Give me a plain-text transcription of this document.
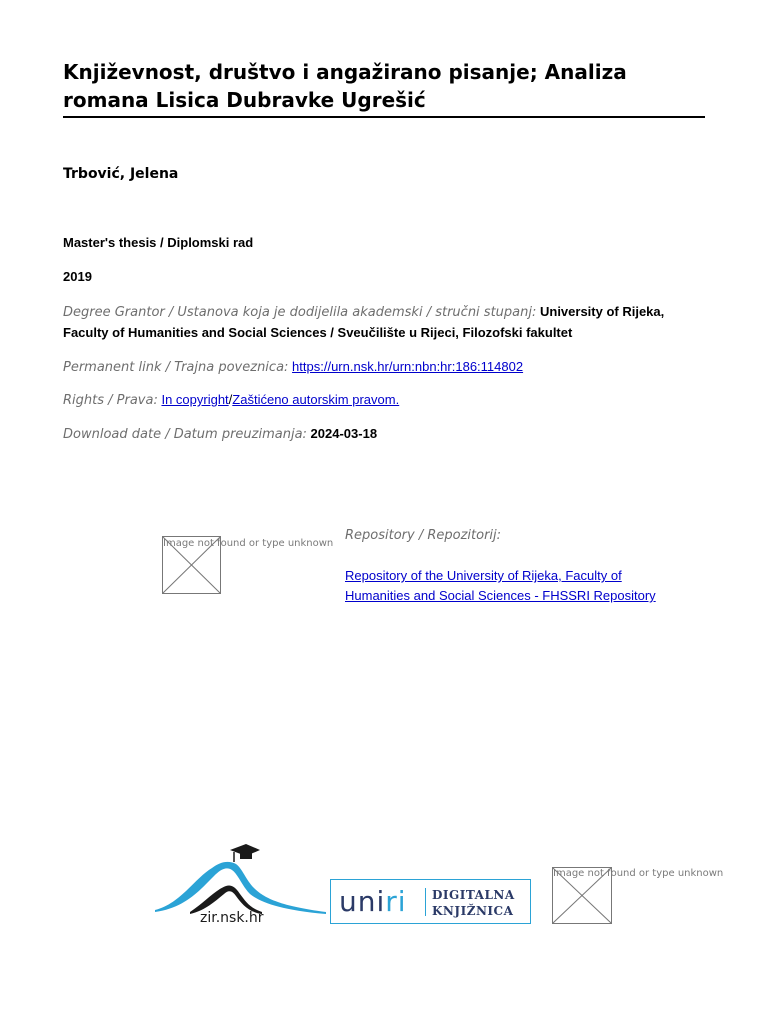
Književnost, društvo i angažirano pisanje; Analiza romana Lisica Dubravke Ugrešić
Trbović, Jelena
Master's thesis / Diplomski rad
2019
Degree Grantor / Ustanova koja je dodijelila akademski / stručni stupanj: University of Rijeka, Faculty of Humanities and Social Sciences / Sveučilište u Rijeci, Filozofski fakultet
Permanent link / Trajna poveznica: https://urn.nsk.hr/urn:nbn:hr:186:114802
Rights / Prava: In copyright/Zaštićeno autorskim pravom.
Download date / Datum preuzimanja: 2024-03-18
Image not found or type unknown
Repository / Repozitorij:
Repository of the University of Rijeka, Faculty of Humanities and Social Sciences - FHSSRI Repository
zir.nsk.hr	uniri DIGITALNA
KNJIŽNICA
Image not found or type unknown
